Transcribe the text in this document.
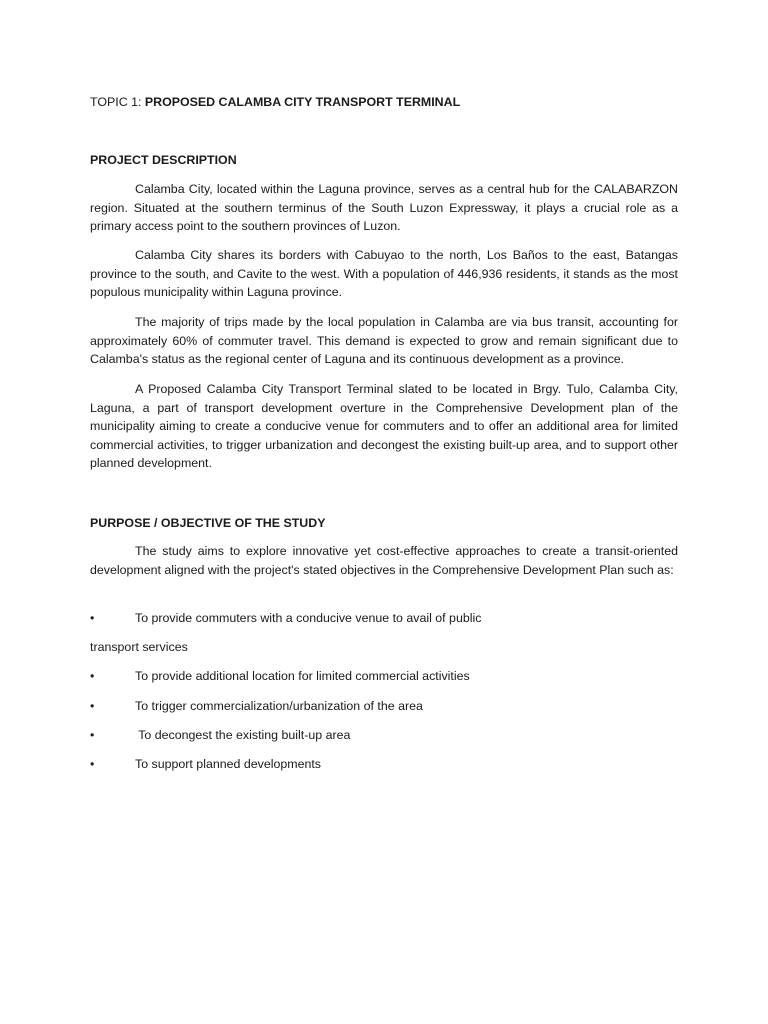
TOPIC 1: PROPOSED CALAMBA CITY TRANSPORT TERMINAL
PROJECT DESCRIPTION

Calamba City, located within the Laguna province, serves as a central hub for the CALABARZON region. Situated at the southern terminus of the South Luzon Expressway, it plays a crucial role as a primary access point to the southern provinces of Luzon.

Calamba City shares its borders with Cabuyao to the north, Los Baños to the east, Batangas province to the south, and Cavite to the west. With a population of 446,936 residents, it stands as the most populous municipality within Laguna province.

The majority of trips made by the local population in Calamba are via bus transit, accounting for approximately 60% of commuter travel. This demand is expected to grow and remain significant due to Calamba's status as the regional center of Laguna and its continuous development as a province.

A Proposed Calamba City Transport Terminal slated to be located in Brgy. Tulo, Calamba City, Laguna, a part of transport development overture in the Comprehensive Development plan of the municipality aiming to create a conducive venue for commuters and to offer an additional area for limited commercial activities, to trigger urbanization and decongest the existing built-up area, and to support other planned development.

PURPOSE / OBJECTIVE OF THE STUDY

The study aims to explore innovative yet cost-effective approaches to create a transit-oriented development aligned with the project's stated objectives in the Comprehensive Development Plan such as:

•	To provide commuters with a conducive venue to avail of public
transport services
•	To provide additional location for limited commercial activities
•	To trigger commercialization/urbanization of the area
•	To decongest the existing built-up area
•	To support planned developments
